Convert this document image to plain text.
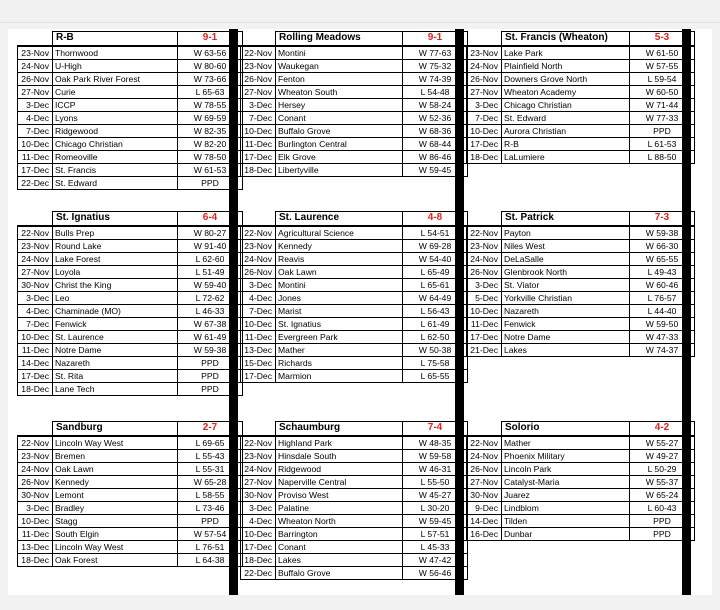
	R-B	9-1
23-Nov	Thornwood	W 63-56
24-Nov	U-High	W 80-60
26-Nov	Oak Park River Forest	W 73-66
27-Nov	Curie	L 65-63
3-Dec	ICCP	W 78-55
4-Dec	Lyons	W 69-59
7-Dec	Ridgewood	W 82-35
10-Dec	Chicago Christian	W 82-20
11-Dec	Romeoville	W 78-50
17-Dec	St. Francis	W 61-53
22-Dec	St. Edward	PPD
	Rolling Meadows	9-1
22-Nov	Montini	W 77-63
23-Nov	Waukegan	W 75-32
26-Nov	Fenton	W 74-39
27-Nov	Wheaton South	L 54-48
3-Dec	Hersey	W 58-24
7-Dec	Conant	W 52-36
10-Dec	Buffalo Grove	W 68-36
11-Dec	Burlington Central	W 68-44
17-Dec	Elk Grove	W 86-46
18-Dec	Libertyville	W 59-45
	St. Francis (Wheaton)	5-3
23-Nov	Lake Park	W 61-50
24-Nov	Plainfield North	W 57-55
26-Nov	Downers Grove North	L 59-54
27-Nov	Wheaton Academy	W 60-50
3-Dec	Chicago Christian	W 71-44
7-Dec	St. Edward	W 77-33
10-Dec	Aurora Christian	PPD
17-Dec	R-B	L 61-53
18-Dec	LaLumiere	L 88-50
	St. Ignatius	6-4
22-Nov	Bulls Prep	W 80-27
23-Nov	Round Lake	W 91-40
24-Nov	Lake Forest	L 62-60
27-Nov	Loyola	L 51-49
30-Nov	Christ the King	W 59-40
3-Dec	Leo	L 72-62
4-Dec	Chaminade (MO)	L 46-33
7-Dec	Fenwick	W 67-38
10-Dec	St. Laurence	W 61-49
11-Dec	Notre Dame	W 59-38
14-Dec	Nazareth	PPD
17-Dec	St. Rita	PPD
18-Dec	Lane Tech	PPD
	St. Laurence	4-8
22-Nov	Agricultural Science	L 54-51
23-Nov	Kennedy	W 69-28
24-Nov	Reavis	W 54-40
26-Nov	Oak Lawn	L 65-49
3-Dec	Montini	L 65-61
4-Dec	Jones	W 64-49
7-Dec	Marist	L 56-43
10-Dec	St. Ignatius	L 61-49
11-Dec	Evergreen Park	L 62-50
13-Dec	Mather	W 50-38
15-Dec	Richards	L 75-58
17-Dec	Marmion	L 65-55
	St. Patrick	7-3
22-Nov	Payton	W 59-38
23-Nov	Niles West	W 66-30
24-Nov	DeLaSalle	W 65-55
26-Nov	Glenbrook North	L 49-43
3-Dec	St. Viator	W 60-46
5-Dec	Yorkville Christian	L 76-57
10-Dec	Nazareth	L 44-40
11-Dec	Fenwick	W 59-50
17-Dec	Notre Dame	W 47-33
21-Dec	Lakes	W 74-37
	Sandburg	2-7
22-Nov	Lincoln Way West	L 69-65
23-Nov	Bremen	L 55-43
24-Nov	Oak Lawn	L 55-31
26-Nov	Kennedy	W 65-28
30-Nov	Lemont	L 58-55
3-Dec	Bradley	L 73-46
10-Dec	Stagg	PPD
11-Dec	South Elgin	W 57-54
13-Dec	Lincoln Way West	L 76-51
18-Dec	Oak Forest	L 64-38
	Schaumburg	7-4
22-Nov	Highland Park	W 48-35
23-Nov	Hinsdale South	W 59-58
24-Nov	Ridgewood	W 46-31
27-Nov	Naperville Central	L 55-50
30-Nov	Proviso West	W 45-27
3-Dec	Palatine	L 30-20
4-Dec	Wheaton North	W 59-45
10-Dec	Barrington	L 57-51
17-Dec	Conant	L 45-33
18-Dec	Lakes	W 47-42
22-Dec	Buffalo Grove	W 56-46
	Solorio	4-2
22-Nov	Mather	W 55-27
24-Nov	Phoenix Military	W 49-27
26-Nov	Lincoln Park	L 50-29
27-Nov	Catalyst-Maria	W 55-37
30-Nov	Juarez	W 65-24
9-Dec	Lindblom	L 60-43
14-Dec	Tilden	PPD
16-Dec	Dunbar	PPD
